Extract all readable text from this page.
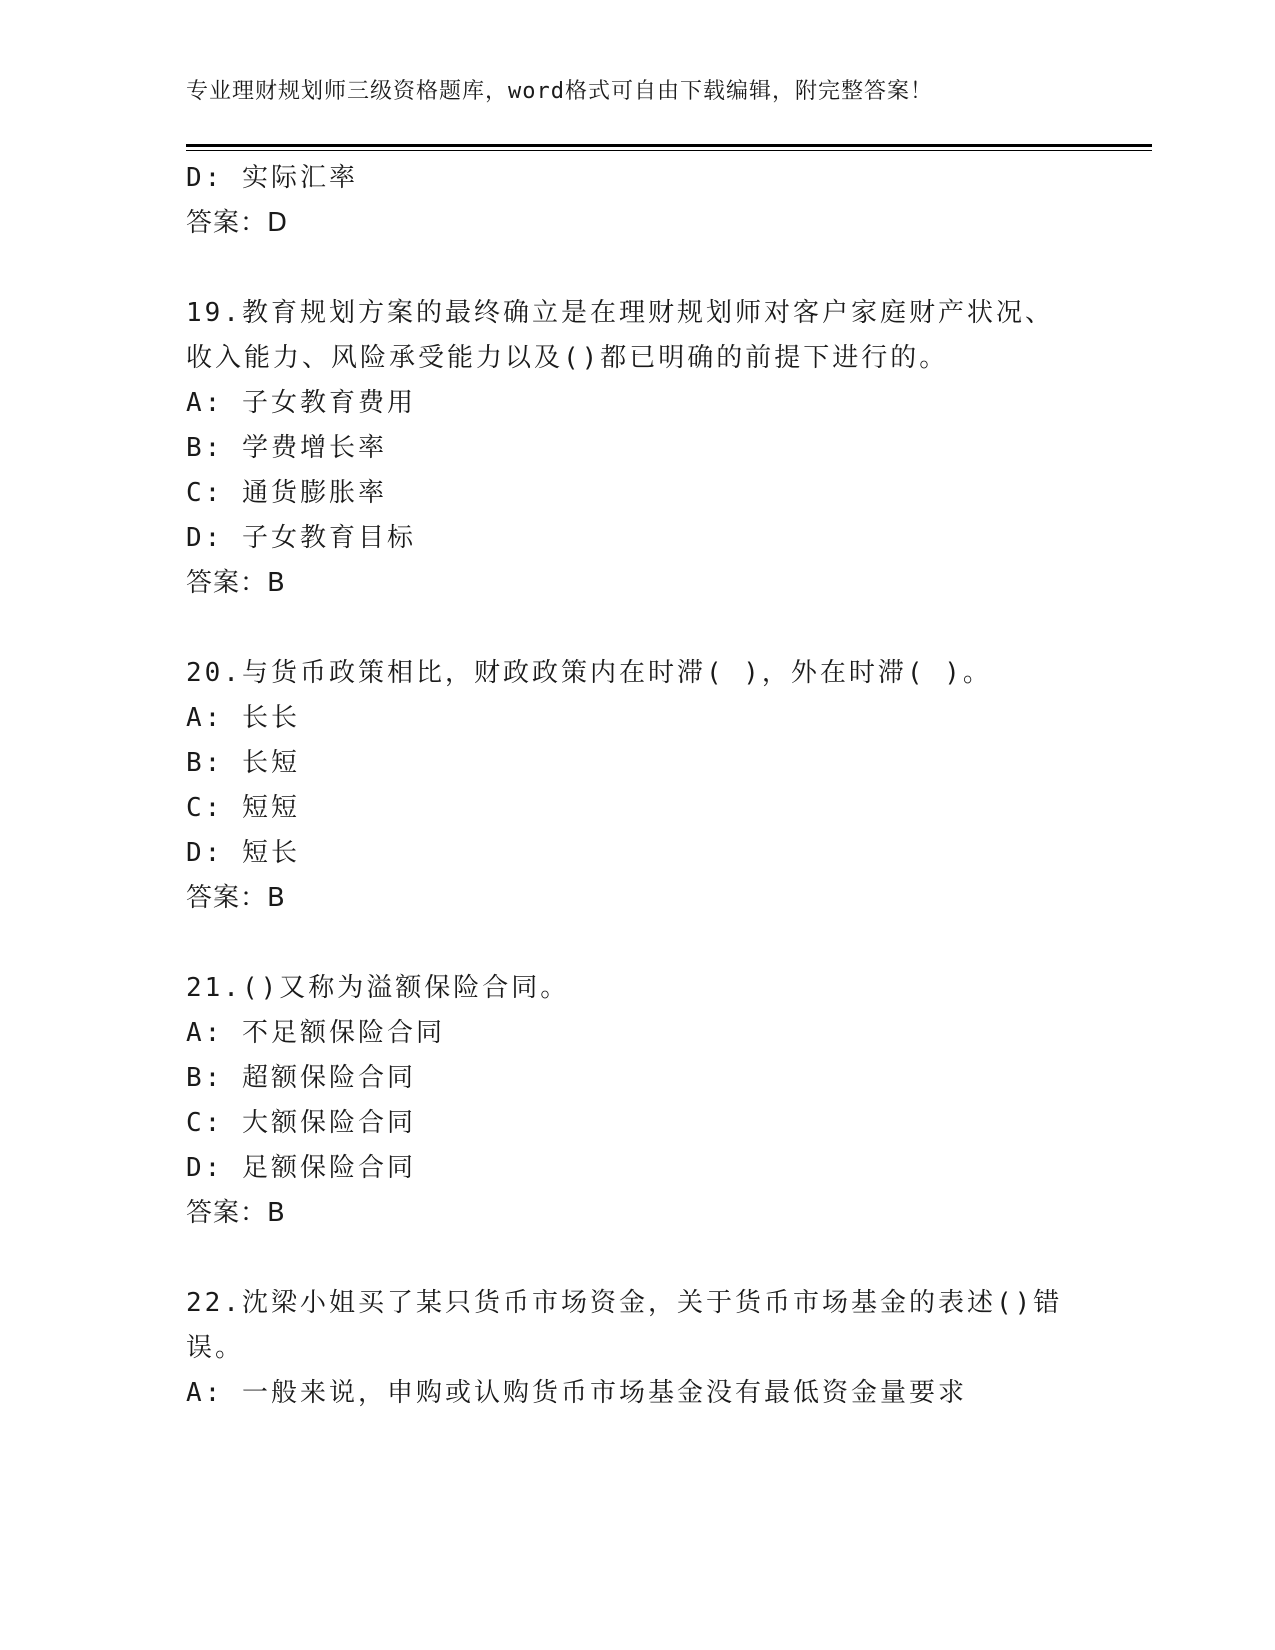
专业理财规划师三级资格题库，word格式可自由下载编辑，附完整答案！
D: 实际汇率
答案：D
19.教育规划方案的最终确立是在理财规划师对客户家庭财产状况、收入能力、风险承受能力以及()都已明确的前提下进行的。
A: 子女教育费用
B: 学费增长率
C: 通货膨胀率
D: 子女教育目标
答案：B
20.与货币政策相比，财政政策内在时滞( )，外在时滞( )。
A: 长长
B: 长短
C: 短短
D: 短长
答案：B
21.()又称为溢额保险合同。
A: 不足额保险合同
B: 超额保险合同
C: 大额保险合同
D: 足额保险合同
答案：B
22.沈梁小姐买了某只货币市场资金，关于货币市场基金的表述()错误。
A: 一般来说，申购或认购货币市场基金没有最低资金量要求
